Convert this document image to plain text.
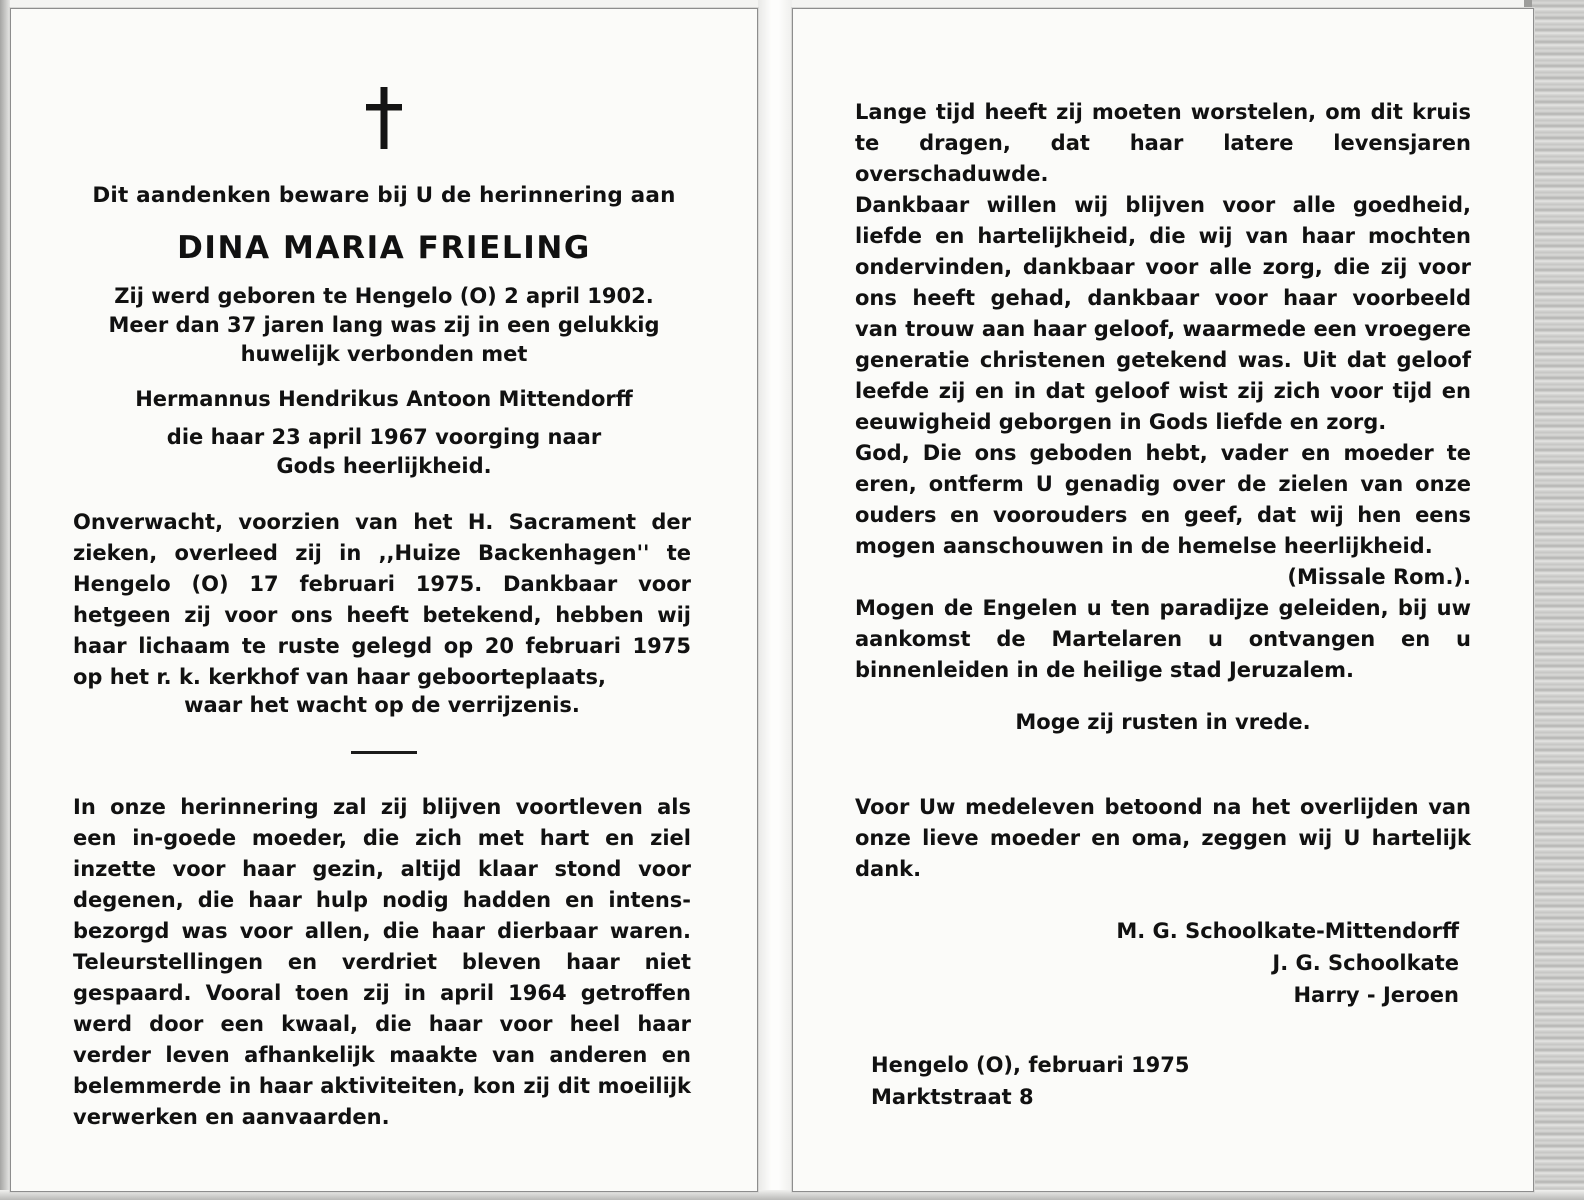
Dit aandenken beware bij U de herinnering aan
DINA MARIA FRIELING
Zij werd geboren te Hengelo (O) 2 april 1902.
Meer dan 37 jaren lang was zij in een gelukkig
huwelijk verbonden met
Hermannus Hendrikus Antoon Mittendorff
die haar 23 april 1967 voorging naar
Gods heerlijkheid.
Onverwacht, voorzien van het H. Sacrament der zieken, overleed zij in ,,Huize Backenhagen'' te Hengelo (O) 17 februari 1975. Dankbaar voor hetgeen zij voor ons heeft betekend, hebben wij haar lichaam te ruste gelegd op 20 februari 1975 op het r. k. kerkhof van haar geboorteplaats,
waar het wacht op de verrijzenis.
In onze herinnering zal zij blijven voortleven als een in-goede moeder, die zich met hart en ziel inzette voor haar gezin, altijd klaar stond voor degenen, die haar hulp nodig hadden en intens-bezorgd was voor allen, die haar dierbaar waren. Teleurstellingen en verdriet bleven haar niet gespaard. Vooral toen zij in april 1964 getroffen werd door een kwaal, die haar voor heel haar verder leven afhankelijk maakte van anderen en belemmerde in haar aktiviteiten, kon zij dit moeilijk verwerken en aanvaarden.
Lange tijd heeft zij moeten worstelen, om dit kruis te dragen, dat haar latere levensjaren overschaduwde.
Dankbaar willen wij blijven voor alle goedheid, liefde en hartelijkheid, die wij van haar mochten ondervinden, dankbaar voor alle zorg, die zij voor ons heeft gehad, dankbaar voor haar voorbeeld van trouw aan haar geloof, waarmede een vroegere generatie christenen getekend was. Uit dat geloof leefde zij en in dat geloof wist zij zich voor tijd en eeuwigheid geborgen in Gods liefde en zorg.
God, Die ons geboden hebt, vader en moeder te eren, ontferm U genadig over de zielen van onze ouders en voorouders en geef, dat wij hen eens mogen aanschouwen in de hemelse heerlijkheid.
(Missale Rom.).
Mogen de Engelen u ten paradijze geleiden, bij uw aankomst de Martelaren u ontvangen en u binnenleiden in de heilige stad Jeruzalem.
Moge zij rusten in vrede.
Voor Uw medeleven betoond na het overlijden van onze lieve moeder en oma, zeggen wij U hartelijk dank.
M. G. Schoolkate-Mittendorff
J. G. Schoolkate
Harry - Jeroen
Hengelo (O), februari 1975
Marktstraat 8
